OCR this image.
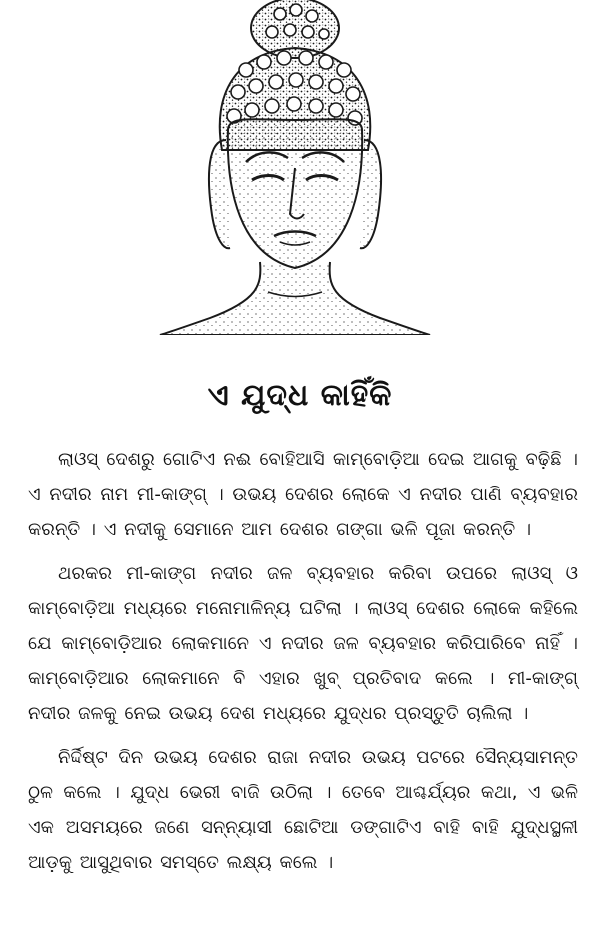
ଏ ଯୁଦ୍ଧ କାହିଁକି

ଲାଓସ୍ ଦେଶରୁ ଗୋଟିଏ ନଈ ବୋହିଆସି କାମ୍ବୋଡ଼ିଆ ଦେଇ ଆଗକୁ ବଢ଼ିଛି । ଏ ନଦୀର ନାମ ମୀ-କାଙ୍ଗ୍ । ଉଭୟ ଦେଶର ଲୋକେ ଏ ନଦୀର ପାଣି ବ୍ୟବହାର କରନ୍ତି । ଏ ନଦୀକୁ ସେମାନେ ଆମ ଦେଶର ଗଙ୍ଗା ଭଳି ପୂଜା କରନ୍ତି ।

ଥରକର ମୀ-କାଙ୍ଗ ନଦୀର ଜଳ ବ୍ୟବହାର କରିବା ଉପରେ ଲାଓସ୍ ଓ କାମ୍ବୋଡ଼ିଆ ମଧ୍ୟରେ ମନୋମାଳିନ୍ୟ ଘଟିଲା । ଲାଓସ୍ ଦେଶର ଲୋକେ କହିଲେ ଯେ କାମ୍ବୋଡ଼ିଆର ଲୋକମାନେ ଏ ନଦୀର ଜଳ ବ୍ୟବହାର କରିପାରିବେ ନାହିଁ । କାମ୍ବୋଡ଼ିଆର ଲୋକମାନେ ବି ଏହାର ଖୁବ୍ ପ୍ରତିବାଦ କଲେ । ମୀ-କାଙ୍ଗ୍ ନଦୀର ଜଳକୁ ନେଇ ଉଭୟ ଦେଶ ମଧ୍ୟରେ ଯୁଦ୍ଧର ପ୍ରସ୍ତୁତି ଚାଲିଲା ।

ନିର୍ଦ୍ଦିଷ୍ଟ ଦିନ ଉଭୟ ଦେଶର ରାଜା ନଦୀର ଉଭୟ ପଟରେ ସୈନ୍ୟସାମନ୍ତ ଠୁଳ କଲେ । ଯୁଦ୍ଧ ଭେରୀ ବାଜି ଉଠିଲା । ତେବେ ଆଶ୍ଚର୍ଯ୍ୟର କଥା, ଏ ଭଳି ଏକ ଅସମୟରେ ଜଣେ ସନ୍ନ୍ୟାସୀ ଛୋଟିଆ ଡଙ୍ଗାଟିଏ ବାହି ବାହି ଯୁଦ୍ଧସ୍ଥଳୀ ଆଡ଼କୁ ଆସୁଥିବାର ସମସ୍ତେ ଲକ୍ଷ୍ୟ କଲେ ।
